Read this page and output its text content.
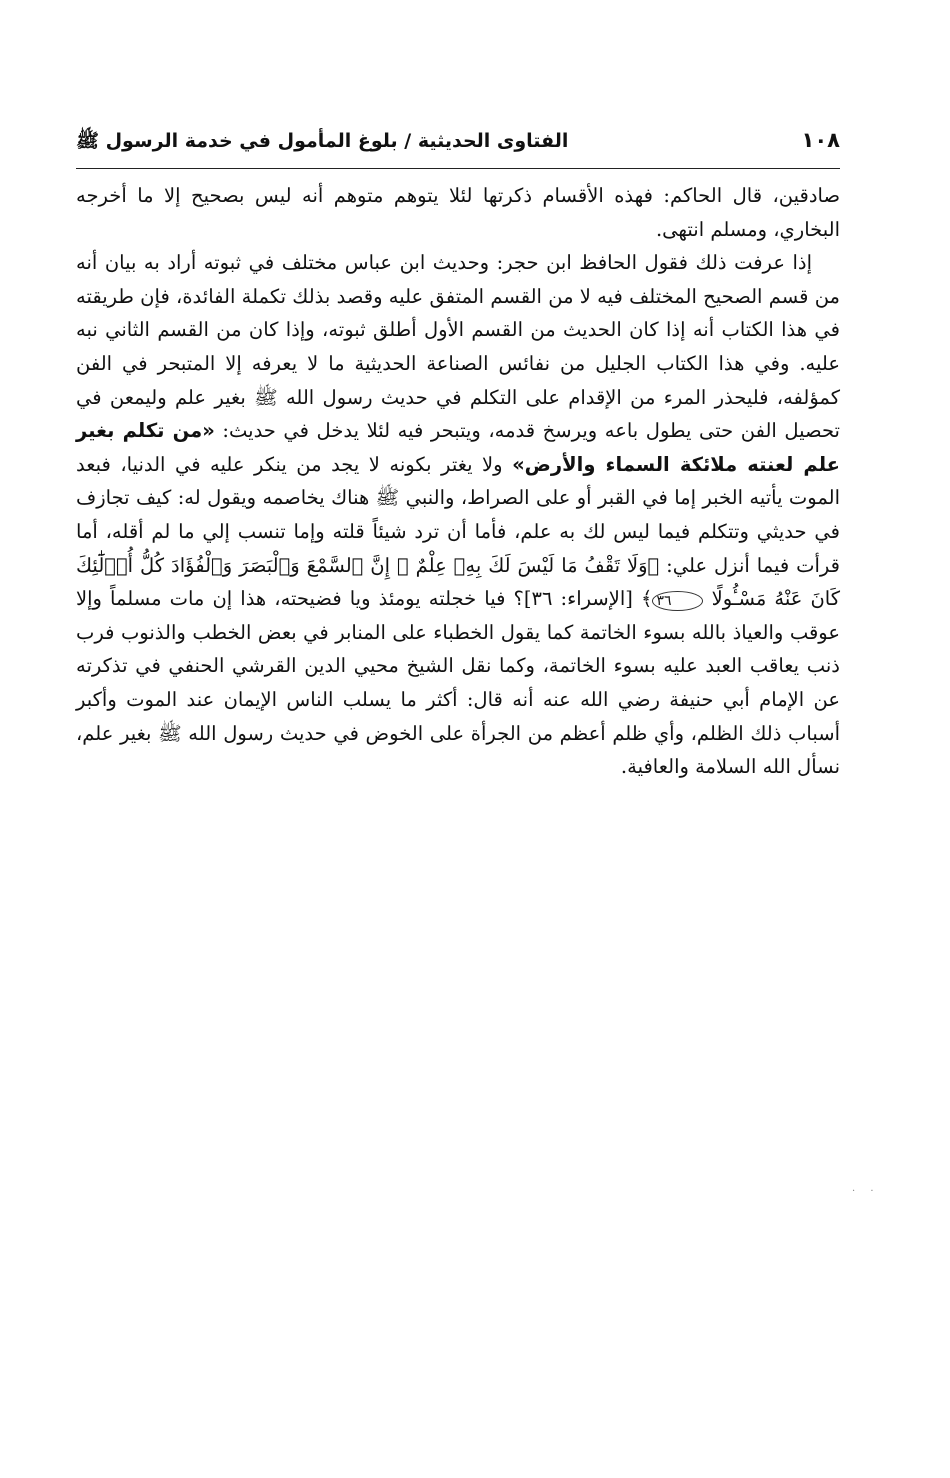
١٠٨
الفتاوى الحديثية / بلوغ المأمول في خدمة الرسول ﷺ

صادقين، قال الحاكم: فهذه الأقسام ذكرتها لئلا يتوهم متوهم أنه ليس بصحيح إلا ما أخرجه البخاري، ومسلم انتهى.

إذا عرفت ذلك فقول الحافظ ابن حجر: وحديث ابن عباس مختلف في ثبوته أراد به بيان أنه من قسم الصحيح المختلف فيه لا من القسم المتفق عليه وقصد بذلك تكملة الفائدة، فإن طريقته في هذا الكتاب أنه إذا كان الحديث من القسم الأول أطلق ثبوته، وإذا كان من القسم الثاني نبه عليه. وفي هذا الكتاب الجليل من نفائس الصناعة الحديثية ما لا يعرفه إلا المتبحر في الفن كمؤلفه، فليحذر المرء من الإقدام على التكلم في حديث رسول الله ﷺ بغير علم وليمعن في تحصيل الفن حتى يطول باعه ويرسخ قدمه، ويتبحر فيه لئلا يدخل في حديث: «من تكلم بغير علم لعنته ملائكة السماء والأرض» ولا يغتر بكونه لا يجد من ينكر عليه في الدنيا، فبعد الموت يأتيه الخبر إما في القبر أو على الصراط، والنبي ﷺ هناك يخاصمه ويقول له: كيف تجازف في حديثي وتتكلم فيما ليس لك به علم، فأما أن ترد شيئاً قلته وإما تنسب إلي ما لم أقله، أما قرأت فيما أنزل علي: ﴿وَلَا تَقْفُ مَا لَيْسَ لَكَ بِهِۦ عِلْمٌ ۚ إِنَّ ٱلسَّمْعَ وَٱلْبَصَرَ وَٱلْفُؤَادَ كُلُّ أُو۟لَٰٓئِكَ كَانَ عَنْهُ مَسْـُٔولًا ٣٦﴾ [الإسراء: ٣٦]؟ فيا خجلته يومئذ ويا فضيحته، هذا إن مات مسلماً وإلا عوقب والعياذ بالله بسوء الخاتمة كما يقول الخطباء على المنابر في بعض الخطب والذنوب فرب ذنب يعاقب العبد عليه بسوء الخاتمة، وكما نقل الشيخ محيي الدين القرشي الحنفي في تذكرته عن الإمام أبي حنيفة رضي الله عنه أنه قال: أكثر ما يسلب الناس الإيمان عند الموت وأكبر أسباب ذلك الظلم، وأي ظلم أعظم من الجرأة على الخوض في حديث رسول الله ﷺ بغير علم، نسأل الله السلامة والعافية.

· ·
